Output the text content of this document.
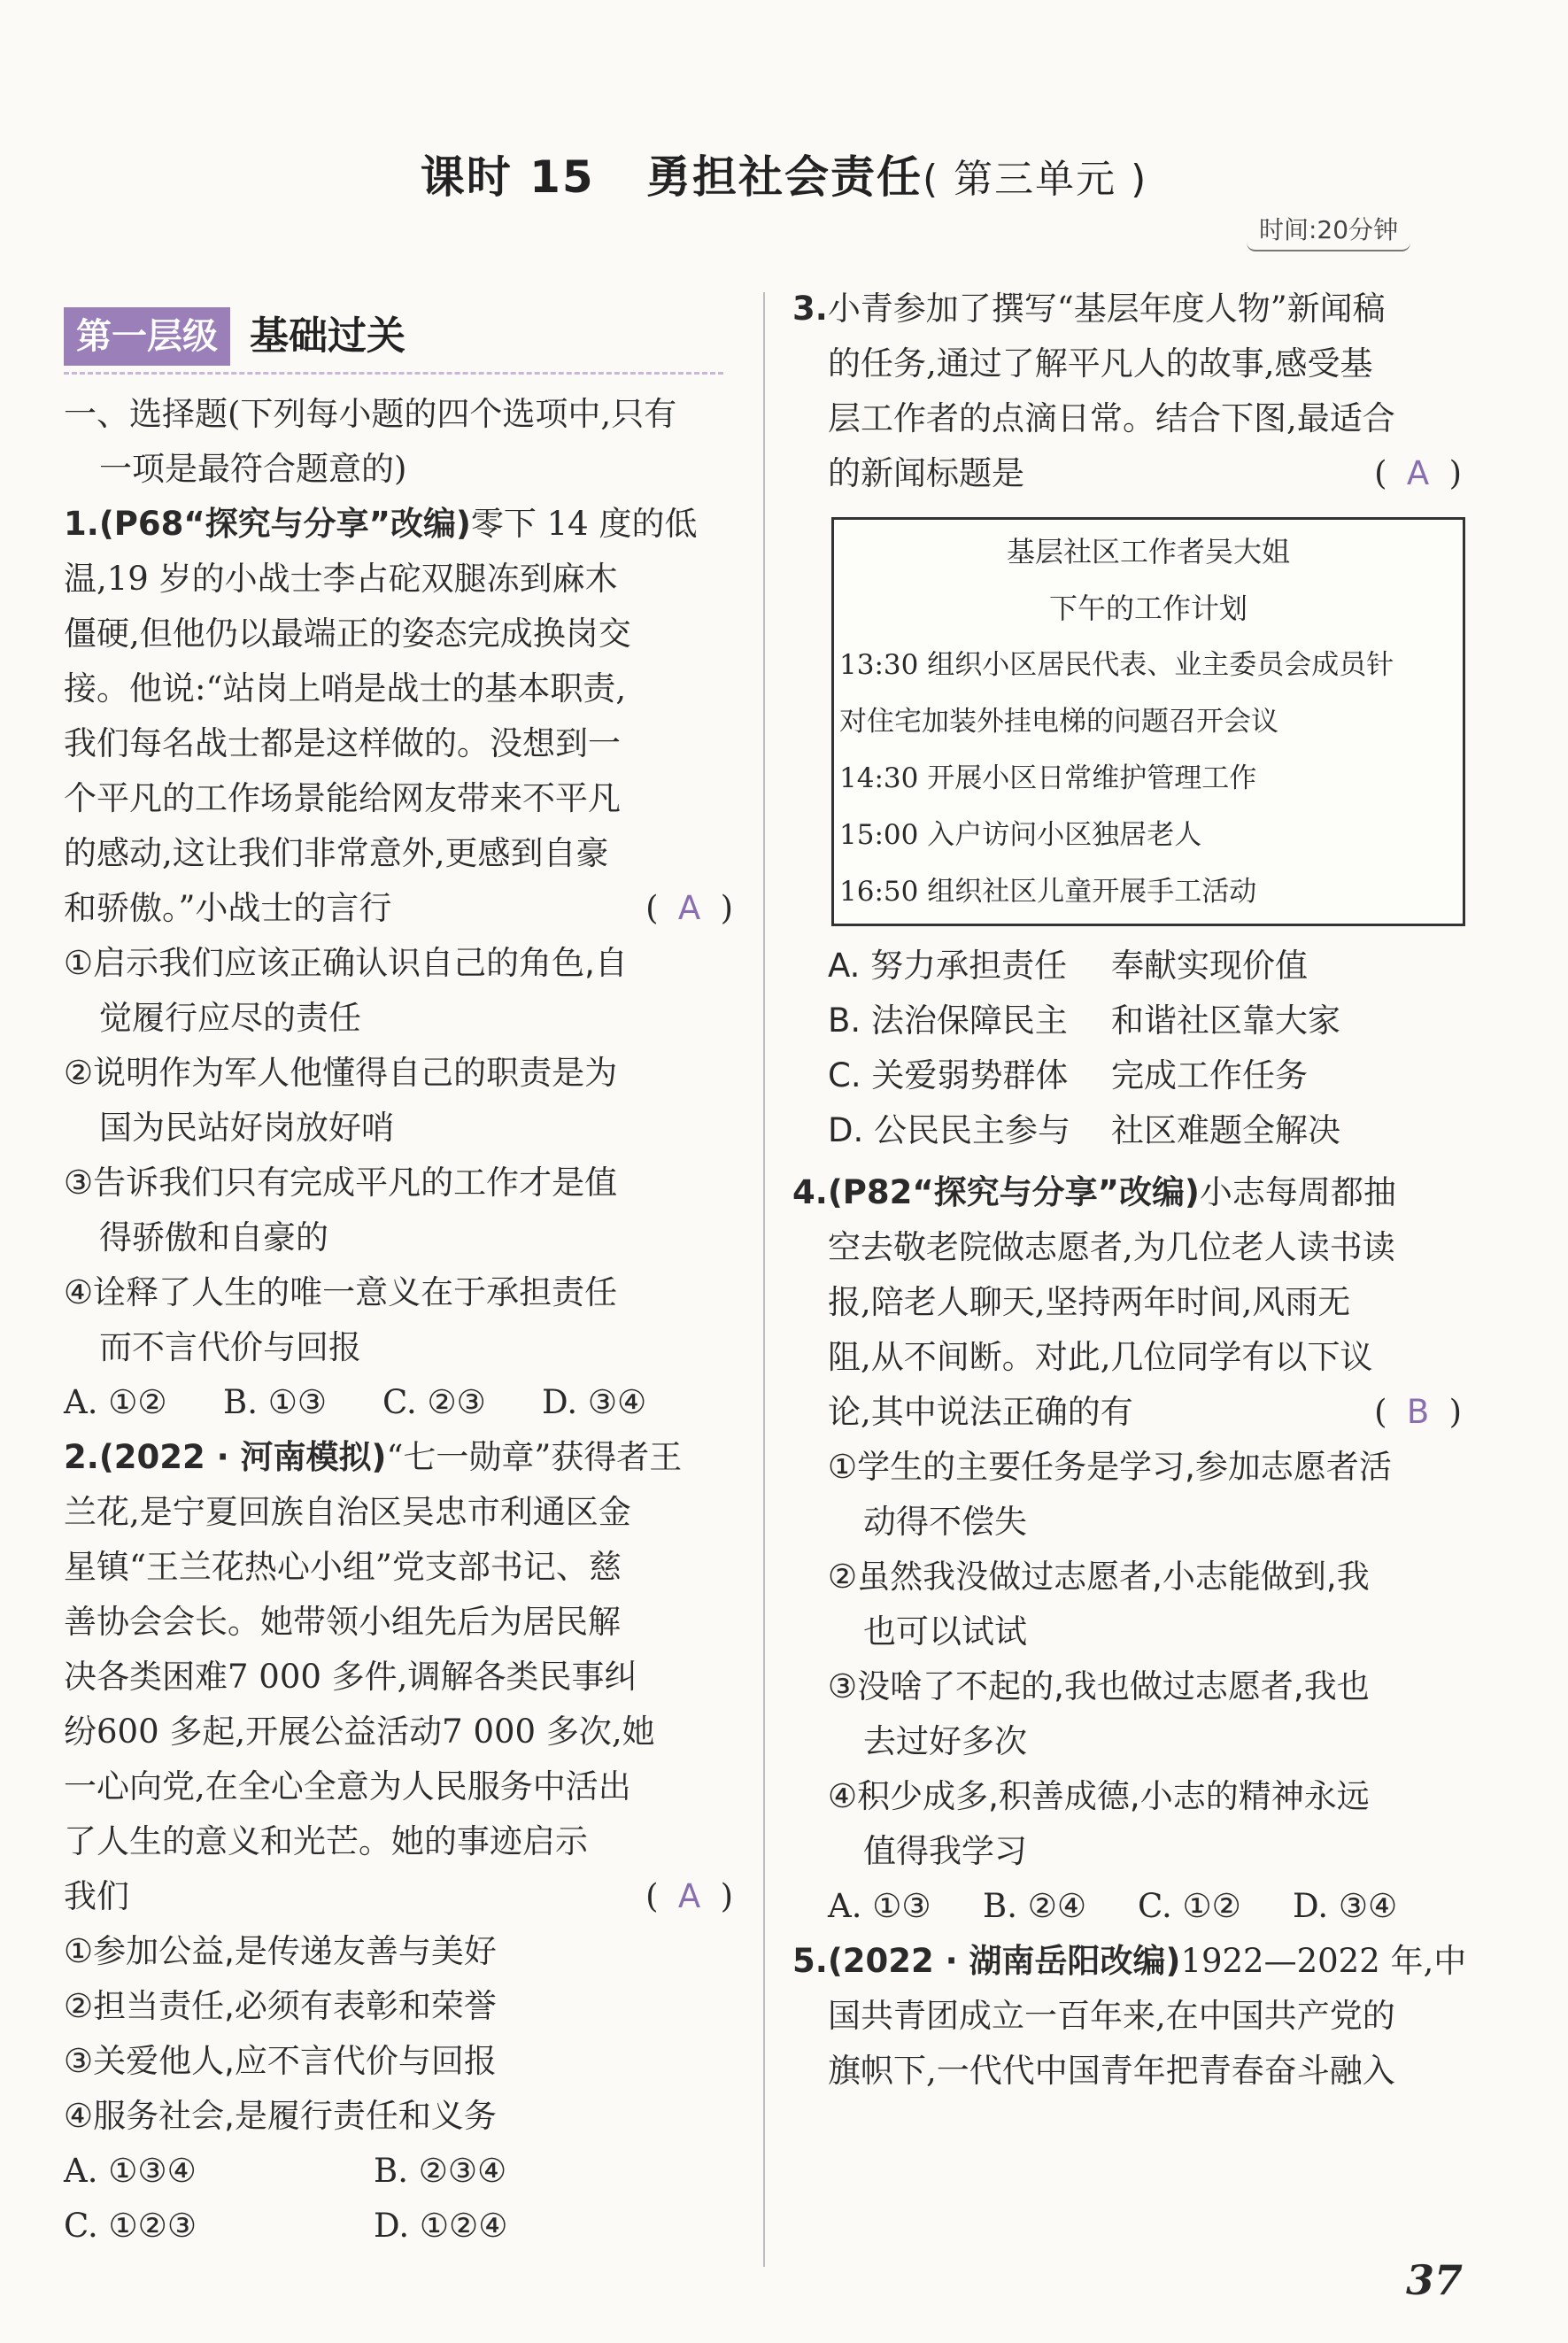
课时 15 勇担社会责任( 第三单元 )
时间:20分钟
第一层级 基础过关
一、选择题(下列每小题的四个选项中,只有
一项是最符合题意的)
1.(P68“探究与分享”改编)零下 14 度的低
温,19 岁的小战士李占砣双腿冻到麻木
僵硬,但他仍以最端正的姿态完成换岗交
接。他说:“站岗上哨是战士的基本职责,
我们每名战士都是这样做的。没想到一
个平凡的工作场景能给网友带来不平凡
的感动,这让我们非常意外,更感到自豪
和骄傲。”小战士的言行	( A )
①启示我们应该正确认识自己的角色,自
觉履行应尽的责任
②说明作为军人他懂得自己的职责是为
国为民站好岗放好哨
③告诉我们只有完成平凡的工作才是值
得骄傲和自豪的
④诠释了人生的唯一意义在于承担责任
而不言代价与回报
A. ①②	B. ①③	C. ②③	D. ③④
2.(2022 · 河南模拟)“七一勋章”获得者王
兰花,是宁夏回族自治区吴忠市利通区金
星镇“王兰花热心小组”党支部书记、慈
善协会会长。她带领小组先后为居民解
决各类困难7 000 多件,调解各类民事纠
纷600 多起,开展公益活动7 000 多次,她
一心向党,在全心全意为人民服务中活出
了人生的意义和光芒。她的事迹启示
我们	( A )
①参加公益,是传递友善与美好
②担当责任,必须有表彰和荣誉
③关爱他人,应不言代价与回报
④服务社会,是履行责任和义务
A. ①③④	B. ②③④
C. ①②③	D. ①②④
3.小青参加了撰写“基层年度人物”新闻稿
的任务,通过了解平凡人的故事,感受基
层工作者的点滴日常。结合下图,最适合
的新闻标题是	( A )
基层社区工作者吴大姐
下午的工作计划
13:30 组织小区居民代表、业主委员会成员针
对住宅加装外挂电梯的问题召开会议
14:30 开展小区日常维护管理工作
15:00 入户访问小区独居老人
16:50 组织社区儿童开展手工活动
A. 努力承担责任 奉献实现价值
B. 法治保障民主 和谐社区靠大家
C. 关爱弱势群体 完成工作任务
D. 公民民主参与 社区难题全解决
4.(P82“探究与分享”改编)小志每周都抽
空去敬老院做志愿者,为几位老人读书读
报,陪老人聊天,坚持两年时间,风雨无
阻,从不间断。对此,几位同学有以下议
论,其中说法正确的有	( B )
①学生的主要任务是学习,参加志愿者活
动得不偿失
②虽然我没做过志愿者,小志能做到,我
也可以试试
③没啥了不起的,我也做过志愿者,我也
去过好多次
④积少成多,积善成德,小志的精神永远
值得我学习
A. ①③	B. ②④	C. ①②	D. ③④
5.(2022 · 湖南岳阳改编)1922—2022 年,中
国共青团成立一百年来,在中国共产党的
旗帜下,一代代中国青年把青春奋斗融入
37
